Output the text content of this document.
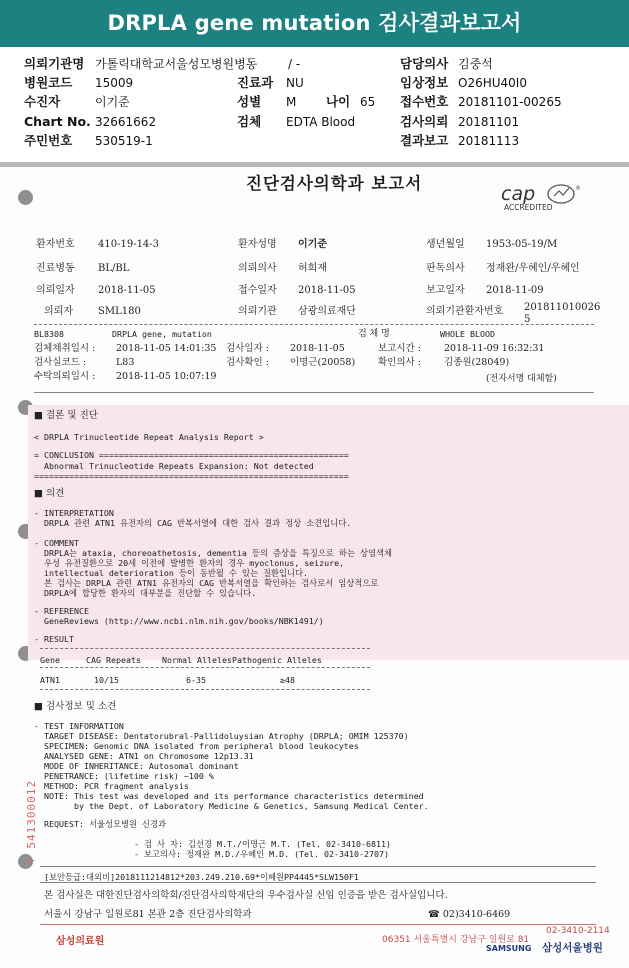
DRPLA gene mutation 검사결과보고서
의뢰기관명 가톨릭대학교서울성모병원병동	/ -	담당의사 김중석
병원코드 15009	진료과 NU	임상정보 O26HU40I0
수진자	이기준	성별 M 나이 65 접수번호 20181101-00265
Chart No. 32661662	검체 EDTA Blood	검사의뢰 20181101
주민번호 530519-1	결과보고 20181113
진단검사의학과 보고서	cap	®
ACCREDITED
환자번호 410-19-14-3	환자성명 이기준	생년월일 1953-05-19/M
진료병동 BL/BL	의뢰의사 허희재	판독의사 정재완/우혜인/우혜인
의뢰일자 2018-11-05	접수일자 2018-11-05	보고일자 2018-11-09
의뢰자	SML180	의뢰기관 삼광의료재단	의뢰기관환자번호 201811010026
5
BL8308	DRPLA gene, mutation	검 체 명	WHOLE BLOOD
검체채취일시 : 2018-11-05 14:01:35 검사일자 : 2018-11-05	보고시간 : 2018-11-09 16:32:31
검사실코드 :	L83	검사확인 : 이명근(20058) 확인의사 : 김종원(28049)
수탁의뢰일시 : 2018-11-05 10:07:19	(전자서명 대체함)
■ 결론 및 진단
< DRPLA Trinucleotide Repeat Analysis Report >
= CONCLUSION ==================================================
Abnormal Trinucleotide Repeats Expansion: Not detected
===============================================================
■ 의견
- INTERPRETATION
DRPLA 관련 ATN1 유전자의 CAG 반복서열에 대한 검사 결과 정상 소견입니다.
- COMMENT
DRPLA는 ataxia, choreoathetosis, dementia 등의 증상을 특징으로 하는 상염색체
우성 유전질환으로 20세 이전에 발병한 환자의 경우 myoclonus, seizure,
intellectual deterioration 등이 동반될 수 있는 질환입니다.
본 검사는 DRPLA 관련 ATN1 유전자의 CAG 반복서열을 확인하는 검사로서 임상적으로
DRPLA에 합당한 환자의 대부분을 진단할 수 있습니다.
- REFERENCE
GeneReviews (http://www.ncbi.nlm.nih.gov/books/NBK1491/)
- RESULT
Gene	CAG Repeats	Normal Alleles Pathogenic Alleles
ATN1	10/15	6-35	≥48
■ 검사정보 및 소견
- TEST INFORMATION
TARGET DISEASE: Dentatorubral-Pallidoluysian Atrophy (DRPLA; OMIM 125370)
SPECIMEN: Genomic DNA isolated from peripheral blood leukocytes
ANALYSED GENE: ATN1 on Chromosome 12p13.31
MODE OF INHERITANCE: Autosomal dominant
PENETRANCE: (lifetime risk) ~100 %
METHOD: PCR fragment analysis
NOTE: This test was developed and its performance characteristics determined
by the Dept. of Laboratory Medicine & Genetics, Samsung Medical Center.
REQUEST: 서울성모병원 신경과
- 검 사 자: 김선경 M.T./이명근 M.T. (Tel. 02-3410-6811)
- 보고의사: 정재완 M.D./우혜인 M.D. (Tel. 02-3410-2707)
+ 541300012
[보안등급:대외비]2018111214812*203.249.210.69*이혜원PP4445*SLW150F1
본 검사실은 대한진단검사의학회/진단검사의학재단의 우수검사실 신임 인증을 받은 검사실입니다.
서울시 강남구 일원로81 본관 2층 진단검사의학과	☎ 02)3410-6469
삼성의료원	06351 서울특별시 강남구 일원로 81
02-3410-2114
SAMSUNG 삼성서울병원
